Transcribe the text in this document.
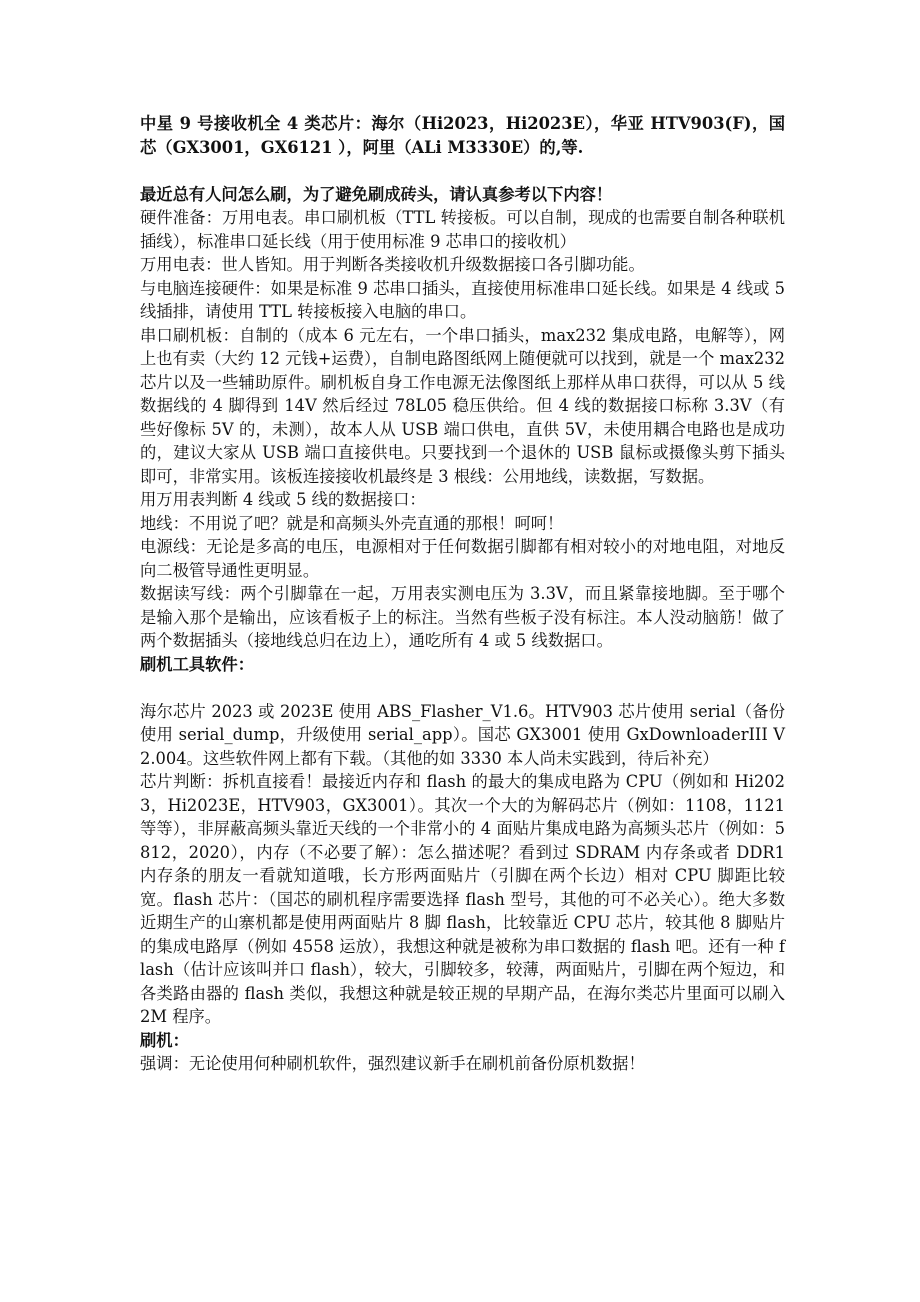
中星 9 号接收机全 4 类芯片：海尔（Hi2023，Hi2023E），华亚 HTV903(F)，国芯（GX3001，GX6121 ），阿里（ALi M3330E）的,等.

最近总有人问怎么刷，为了避免刷成砖头，请认真参考以下内容！

硬件准备：万用电表。串口刷机板（TTL 转接板。可以自制，现成的也需要自制各种联机插线），标准串口延长线（用于使用标准 9 芯串口的接收机）

万用电表：世人皆知。用于判断各类接收机升级数据接口各引脚功能。

与电脑连接硬件：如果是标准 9 芯串口插头，直接使用标准串口延长线。如果是 4 线或 5 线插排，请使用 TTL 转接板接入电脑的串口。

串口刷机板：自制的（成本 6 元左右，一个串口插头，max232 集成电路，电解等），网上也有卖（大约 12 元钱+运费），自制电路图纸网上随便就可以找到，就是一个 max232 芯片以及一些辅助原件。刷机板自身工作电源无法像图纸上那样从串口获得，可以从 5 线数据线的 4 脚得到 14V 然后经过 78L05 稳压供给。但 4 线的数据接口标称 3.3V（有些好像标 5V 的，未测），故本人从 USB 端口供电，直供 5V，未使用耦合电路也是成功的，建议大家从 USB 端口直接供电。只要找到一个退休的 USB 鼠标或摄像头剪下插头即可，非常实用。该板连接接收机最终是 3 根线：公用地线，读数据，写数据。

用万用表判断 4 线或 5 线的数据接口：

地线：不用说了吧？就是和高频头外壳直通的那根！呵呵！

电源线：无论是多高的电压，电源相对于任何数据引脚都有相对较小的对地电阻，对地反向二极管导通性更明显。

数据读写线：两个引脚靠在一起，万用表实测电压为 3.3V，而且紧靠接地脚。至于哪个是输入那个是输出，应该看板子上的标注。当然有些板子没有标注。本人没动脑筋！做了两个数据插头（接地线总归在边上），通吃所有 4 或 5 线数据口。

刷机工具软件：

海尔芯片 2023 或 2023E 使用 ABS_Flasher_V1.6。HTV903 芯片使用 serial（备份使用 serial_dump，升级使用 serial_app）。国芯 GX3001 使用 GxDownloaderIII V2.004。这些软件网上都有下载。（其他的如 3330 本人尚未实践到，待后补充）

芯片判断：拆机直接看！最接近内存和 flash 的最大的集成电路为 CPU（例如和 Hi2023，Hi2023E，HTV903，GX3001）。其次一个大的为解码芯片（例如：1108，1121 等等），非屏蔽高频头靠近天线的一个非常小的 4 面贴片集成电路为高频头芯片（例如：5812，2020），内存（不必要了解）：怎么描述呢？看到过 SDRAM 内存条或者 DDR1 内存条的朋友一看就知道哦，长方形两面贴片（引脚在两个长边）相对 CPU 脚距比较宽。flash 芯片：（国芯的刷机程序需要选择 flash 型号，其他的可不必关心）。绝大多数近期生产的山寨机都是使用两面贴片 8 脚 flash，比较靠近 CPU 芯片，较其他 8 脚贴片的集成电路厚（例如 4558 运放），我想这种就是被称为串口数据的 flash 吧。还有一种 flash（估计应该叫并口 flash），较大，引脚较多，较薄，两面贴片，引脚在两个短边，和各类路由器的 flash 类似，我想这种就是较正规的早期产品，在海尔类芯片里面可以刷入 2M 程序。

刷机：

强调：无论使用何种刷机软件，强烈建议新手在刷机前备份原机数据！
